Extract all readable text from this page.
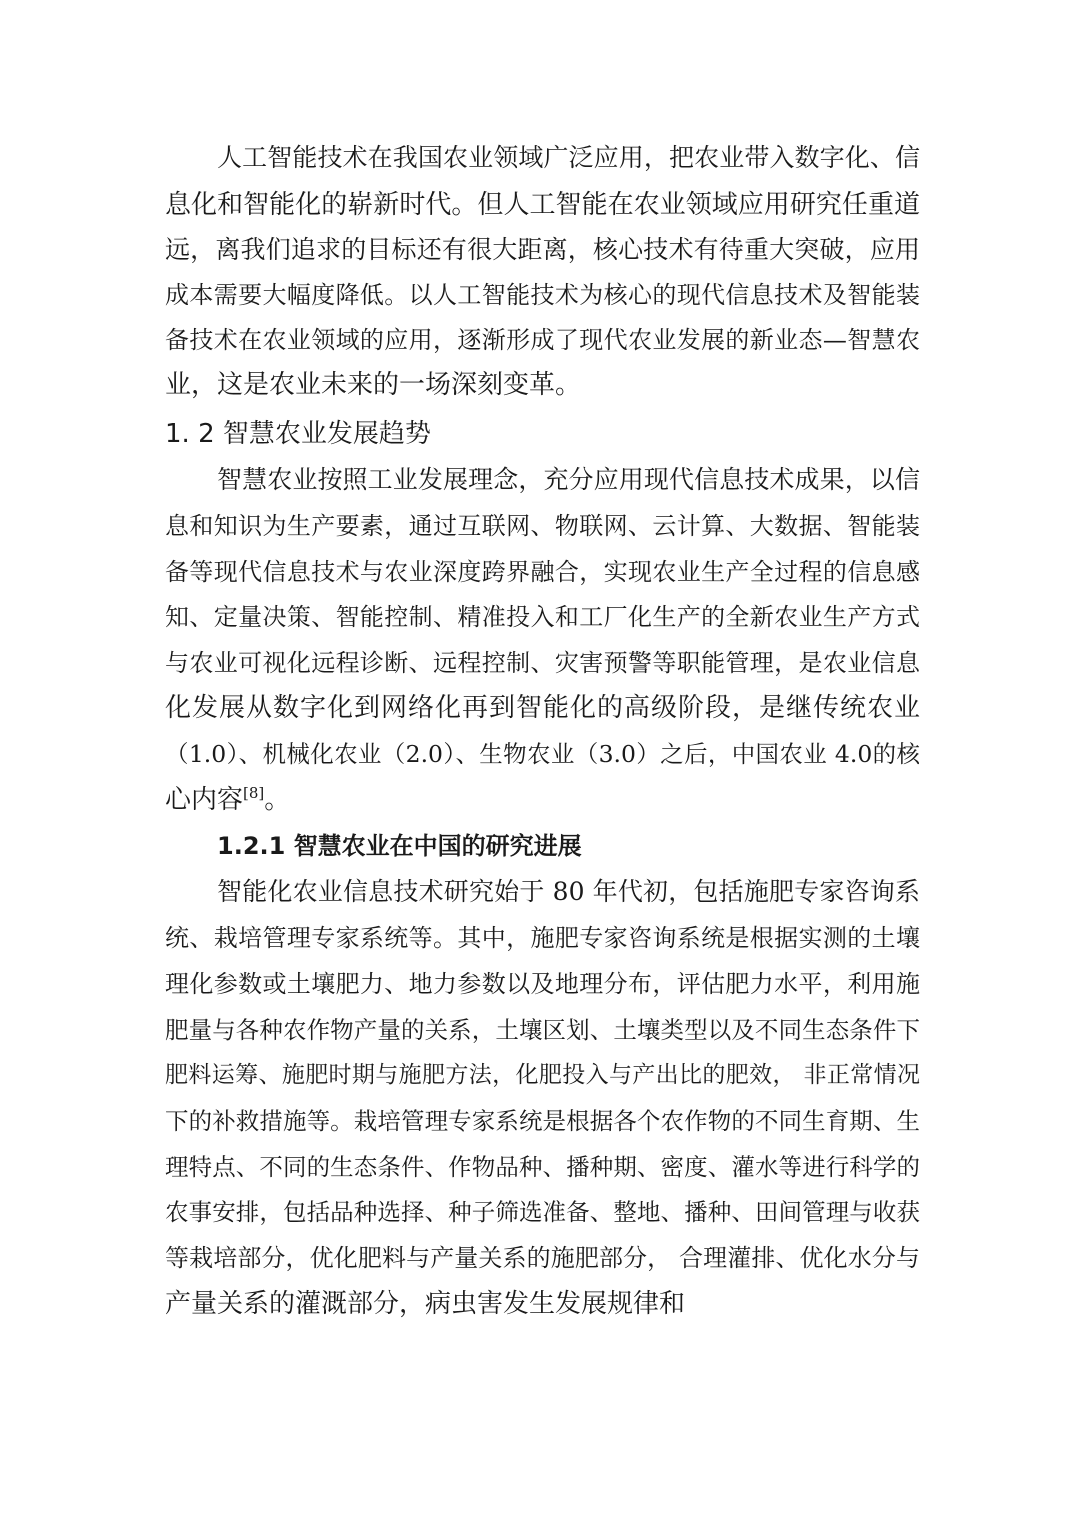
人工智能技术在我国农业领域广泛应用，把农业带入数字化、信
息化和智能化的崭新时代。但人工智能在农业领域应用研究任重道
远，离我们追求的目标还有很大距离，核心技术有待重大突破，应用
成本需要大幅度降低。以人工智能技术为核心的现代信息技术及智能装
备技术在农业领域的应用，逐渐形成了现代农业发展的新业态—智慧农
业，这是农业未来的一场深刻变革。
1. 2 智慧农业发展趋势
智慧农业按照工业发展理念，充分应用现代信息技术成果，以信
息和知识为生产要素，通过互联网、物联网、云计算、大数据、智能装
备等现代信息技术与农业深度跨界融合，实现农业生产全过程的信息感
知、定量决策、智能控制、精准投入和工厂化生产的全新农业生产方式
与农业可视化远程诊断、远程控制、灾害预警等职能管理，是农业信息
化发展从数字化到网络化再到智能化的高级阶段，是继传统农业
（1.0）、机械化农业（2.0）、生物农业（3.0）之后，中国农业 4.0的核
心内容[8]。
1.2.1 智慧农业在中国的研究进展
智能化农业信息技术研究始于 80 年代初，包括施肥专家咨询系
统、栽培管理专家系统等。其中，施肥专家咨询系统是根据实测的土壤
理化参数或土壤肥力、地力参数以及地理分布，评估肥力水平，利用施
肥量与各种农作物产量的关系，土壤区划、土壤类型以及不同生态条件下
肥料运筹、施肥时期与施肥方法，化肥投入与产出比的肥效， 非正常情况
下的补救措施等。栽培管理专家系统是根据各个农作物的不同生育期、生
理特点、不同的生态条件、作物品种、播种期、密度、灌水等进行科学的
农事安排，包括品种选择、种子筛选准备、整地、播种、田间管理与收获
等栽培部分，优化肥料与产量关系的施肥部分， 合理灌排、优化水分与
产量关系的灌溉部分，病虫害发生发展规律和
